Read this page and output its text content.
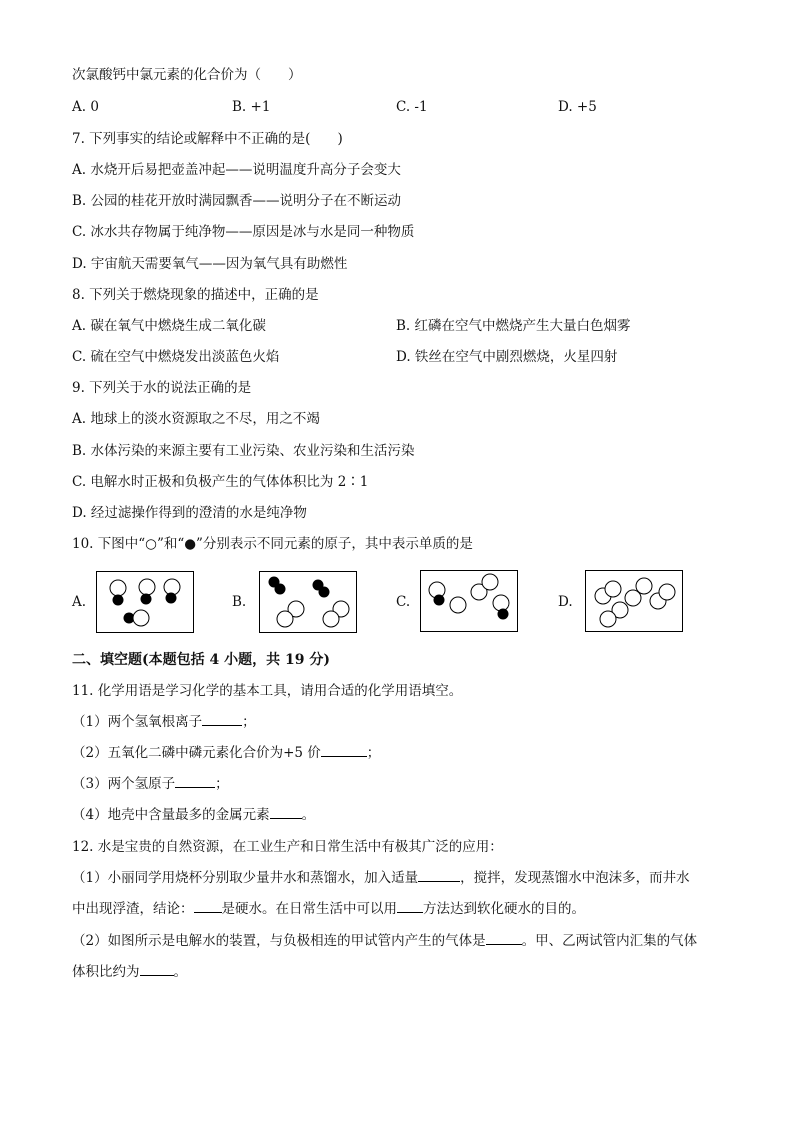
次氯酸钙中氯元素的化合价为（　　）
A. 0	B. +1	C. -1	D. +5
7. 下列事实的结论或解释中不正确的是(　　)
A. 水烧开后易把壶盖冲起——说明温度升高分子会变大
B. 公园的桂花开放时满园飘香——说明分子在不断运动
C. 冰水共存物属于纯净物——原因是冰与水是同一种物质
D. 宇宙航天需要氧气——因为氧气具有助燃性
8. 下列关于燃烧现象的描述中，正确的是
A. 碳在氧气中燃烧生成二氧化碳	B. 红磷在空气中燃烧产生大量白色烟雾
C. 硫在空气中燃烧发出淡蓝色火焰	D. 铁丝在空气中剧烈燃烧，火星四射
9. 下列关于水的说法正确的是
A. 地球上的淡水资源取之不尽，用之不竭
B. 水体污染的来源主要有工业污染、农业污染和生活污染
C. 电解水时正极和负极产生的气体体积比为 2∶1
D. 经过滤操作得到的澄清的水是纯净物
10. 下图中“○”和“●”分别表示不同元素的原子，其中表示单质的是
A.	B.	C.	D.
二、填空题(本题包括 4 小题，共 19 分)
11. 化学用语是学习化学的基本工具，请用合适的化学用语填空。
（1）两个氢氧根离子	；
（2）五氧化二磷中磷元素化合价为+5 价	；
（3）两个氢原子	；
（4）地壳中含量最多的金属元素 。
12. 水是宝贵的自然资源，在工业生产和日常生活中有极其广泛的应用：
（1）小丽同学用烧杯分别取少量井水和蒸馏水，加入适量	，搅拌，发现蒸馏水中泡沫多，而井水
中出现浮渣，结论： 是硬水。在日常生活中可以用 方法达到软化硬水的目的。
（2）如图所示是电解水的装置，与负极相连的甲试管内产生的气体是	。甲、乙两试管内汇集的气体
体积比约为	。
